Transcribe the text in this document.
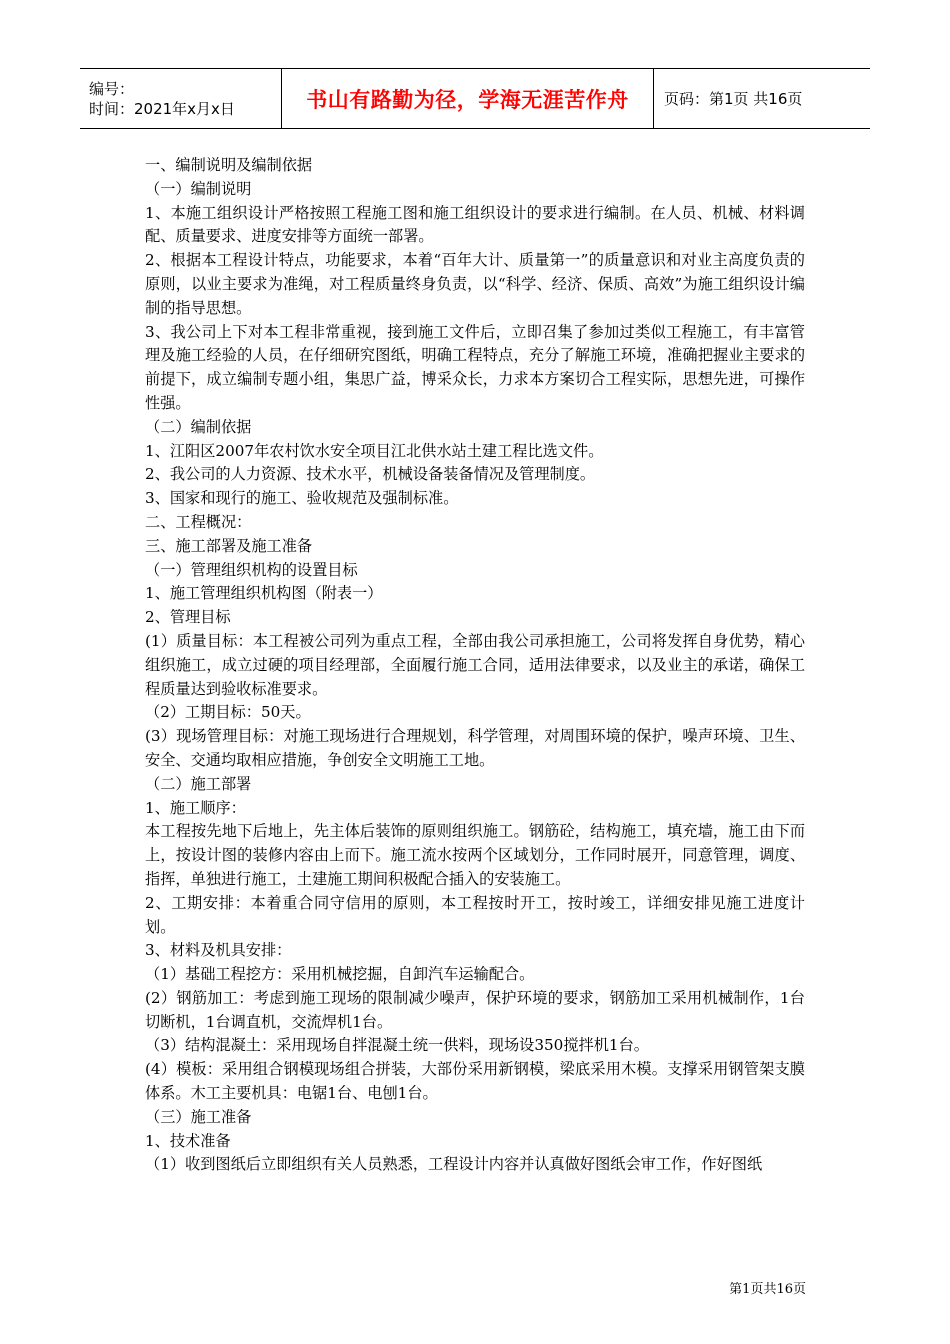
编号：
时间：2021年x月x日	书山有路勤为径，学海无涯苦作舟 页码：第1页 共16页

一、编制说明及编制依据

（一）编制说明

1、本施工组织设计严格按照工程施工图和施工组织设计的要求进行编制。在人员、机械、材料调配、质量要求、进度安排等方面统一部署。

2、根据本工程设计特点，功能要求，本着“百年大计、质量第一”的质量意识和对业主高度负责的原则，以业主要求为准绳，对工程质量终身负责，以“科学、经济、保质、高效”为施工组织设计编制的指导思想。

3、我公司上下对本工程非常重视，接到施工文件后，立即召集了参加过类似工程施工，有丰富管理及施工经验的人员，在仔细研究图纸，明确工程特点，充分了解施工环境，准确把握业主要求的前提下，成立编制专题小组，集思广益，博采众长，力求本方案切合工程实际，思想先进，可操作性强。

（二）编制依据

1、江阳区2007年农村饮水安全项目江北供水站土建工程比选文件。

2、我公司的人力资源、技术水平，机械设备装备情况及管理制度。

3、国家和现行的施工、验收规范及强制标准。

二、工程概况：

三、施工部署及施工准备

（一）管理组织机构的设置目标

1、施工管理组织机构图（附表一）

2、管理目标

(1）质量目标：本工程被公司列为重点工程，全部由我公司承担施工，公司将发挥自身优势，精心组织施工，成立过硬的项目经理部，全面履行施工合同，适用法律要求，以及业主的承诺，确保工程质量达到验收标准要求。

（2）工期目标：50天。

(3）现场管理目标：对施工现场进行合理规划，科学管理，对周围环境的保护，噪声环境、卫生、安全、交通均取相应措施，争创安全文明施工工地。

（二）施工部署

1、施工顺序：

本工程按先地下后地上，先主体后装饰的原则组织施工。钢筋砼，结构施工，填充墙，施工由下而上，按设计图的装修内容由上而下。施工流水按两个区域划分，工作同时展开，同意管理，调度、指挥，单独进行施工，土建施工期间积极配合插入的安装施工。

2、工期安排：本着重合同守信用的原则，本工程按时开工，按时竣工，详细安排见施工进度计划。

3、材料及机具安排：

（1）基础工程挖方：采用机械挖掘，自卸汽车运输配合。

(2）钢筋加工：考虑到施工现场的限制减少噪声，保护环境的要求，钢筋加工采用机械制作，1台切断机，1台调直机，交流焊机1台。

（3）结构混凝土：采用现场自拌混凝土统一供料，现场设350搅拌机1台。

(4）模板：采用组合钢模现场组合拼装，大部份采用新钢模，梁底采用木模。支撑采用钢管架支膜体系。木工主要机具：电锯1台、电刨1台。

（三）施工准备

1、技术准备

（1）收到图纸后立即组织有关人员熟悉，工程设计内容并认真做好图纸会审工作，作好图纸

第1页共16页
